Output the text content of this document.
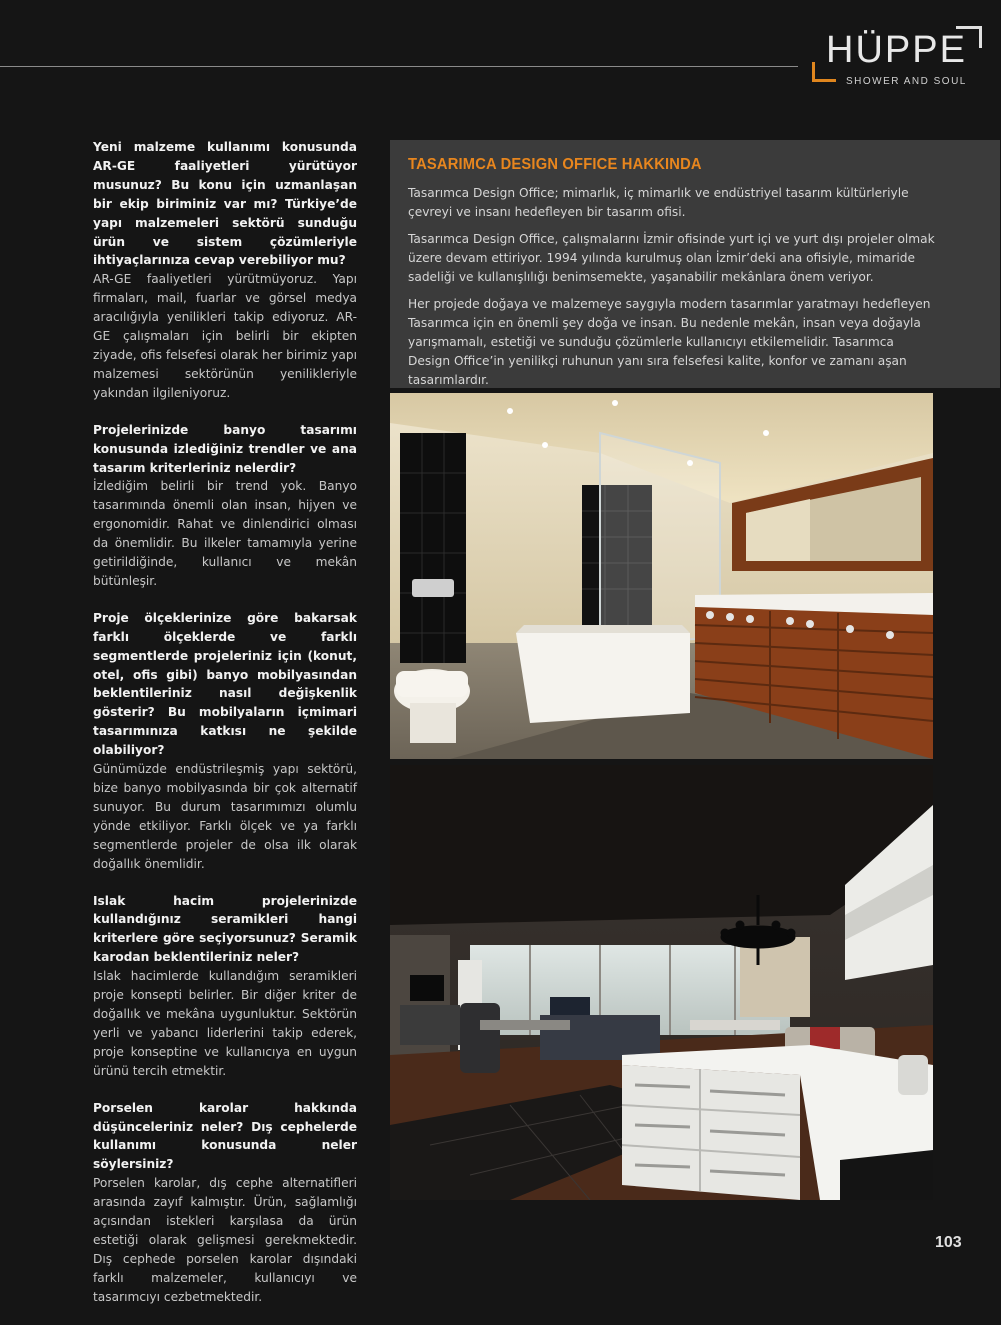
HÜPPE
SHOWER AND SOUL
Yeni malzeme kullanımı konusunda AR-GE faaliyetleri yürütüyor musunuz? Bu konu için uzmanlaşan bir ekip biriminiz var mı? Türkiye’de yapı malzemeleri sektörü sunduğu ürün ve sistem çözümleriyle ihtiyaçlarınıza cevap verebiliyor mu?
AR-GE faaliyetleri yürütmüyoruz. Yapı firmaları, mail, fuarlar ve görsel medya aracılığıyla yenilikleri takip ediyoruz. AR-GE çalışmaları için belirli bir ekipten ziyade, ofis felsefesi olarak her birimiz yapı malzemesi sektörünün yenilikleriyle yakından ilgileniyoruz.
Projelerinizde banyo tasarımı konusunda izlediğiniz trendler ve ana tasarım kriterleriniz nelerdir?
İzlediğim belirli bir trend yok. Banyo tasarımında önemli olan insan, hijyen ve ergonomidir. Rahat ve dinlendirici olması da önemlidir. Bu ilkeler tamamıyla yerine getirildiğinde, kullanıcı ve mekân bütünleşir.
Proje ölçeklerinize göre bakarsak farklı ölçeklerde ve farklı segmentlerde projeleriniz için (konut, otel, ofis gibi) banyo mobilyasından beklentileriniz nasıl değişkenlik gösterir? Bu mobilyaların içmimari tasarımınıza katkısı ne şekilde olabiliyor?
Günümüzde endüstrileşmiş yapı sektörü, bize banyo mobilyasında bir çok alternatif sunuyor. Bu durum tasarımımızı olumlu yönde etkiliyor. Farklı ölçek ve ya farklı segmentlerde projeler de olsa ilk olarak doğallık önemlidir.
Islak hacim projelerinizde kullandığınız seramikleri hangi kriterlere göre seçiyorsunuz? Seramik karodan beklentileriniz neler?
Islak hacimlerde kullandığım seramikleri proje konsepti belirler. Bir diğer kriter de doğallık ve mekâna uygunluktur. Sektörün yerli ve yabancı liderlerini takip ederek, proje konseptine ve kullanıcıya en uygun ürünü tercih etmektir.
Porselen karolar hakkında düşünceleriniz neler? Dış cephelerde kullanımı konusunda neler söylersiniz?
Porselen karolar, dış cephe alternatifleri arasında zayıf kalmıştır. Ürün, sağlamlığı açısından istekleri karşılasa da ürün estetiği olarak gelişmesi gerekmektedir. Dış cephede porselen karolar dışındaki farklı malzemeler, kullanıcıyı ve tasarımcıyı cezbetmektedir.
TASARIMCA DESIGN OFFICE HAKKINDA

Tasarımca Design Office; mimarlık, iç mimarlık ve endüstriyel tasarım kültürleriyle çevreyi ve insanı hedefleyen bir tasarım ofisi.

Tasarımca Design Office, çalışmalarını İzmir ofisinde yurt içi ve yurt dışı projeler olmak üzere devam ettiriyor. 1994 yılında kurulmuş olan İzmir’deki ana ofisiyle, mimaride sadeliği ve kullanışlılığı benimsemekte, yaşanabilir mekânlara önem veriyor.

Her projede doğaya ve malzemeye saygıyla modern tasarımlar yaratmayı hedefleyen Tasarımca için en önemli şey doğa ve insan. Bu nedenle mekân, insan veya doğayla yarışmamalı, estetiği ve sunduğu çözümlerle kullanıcıyı etkilemelidir. Tasarımca Design Office’in yenilikçi ruhunun yanı sıra felsefesi kalite, konfor ve zamanı aşan tasarımlardır.

103
